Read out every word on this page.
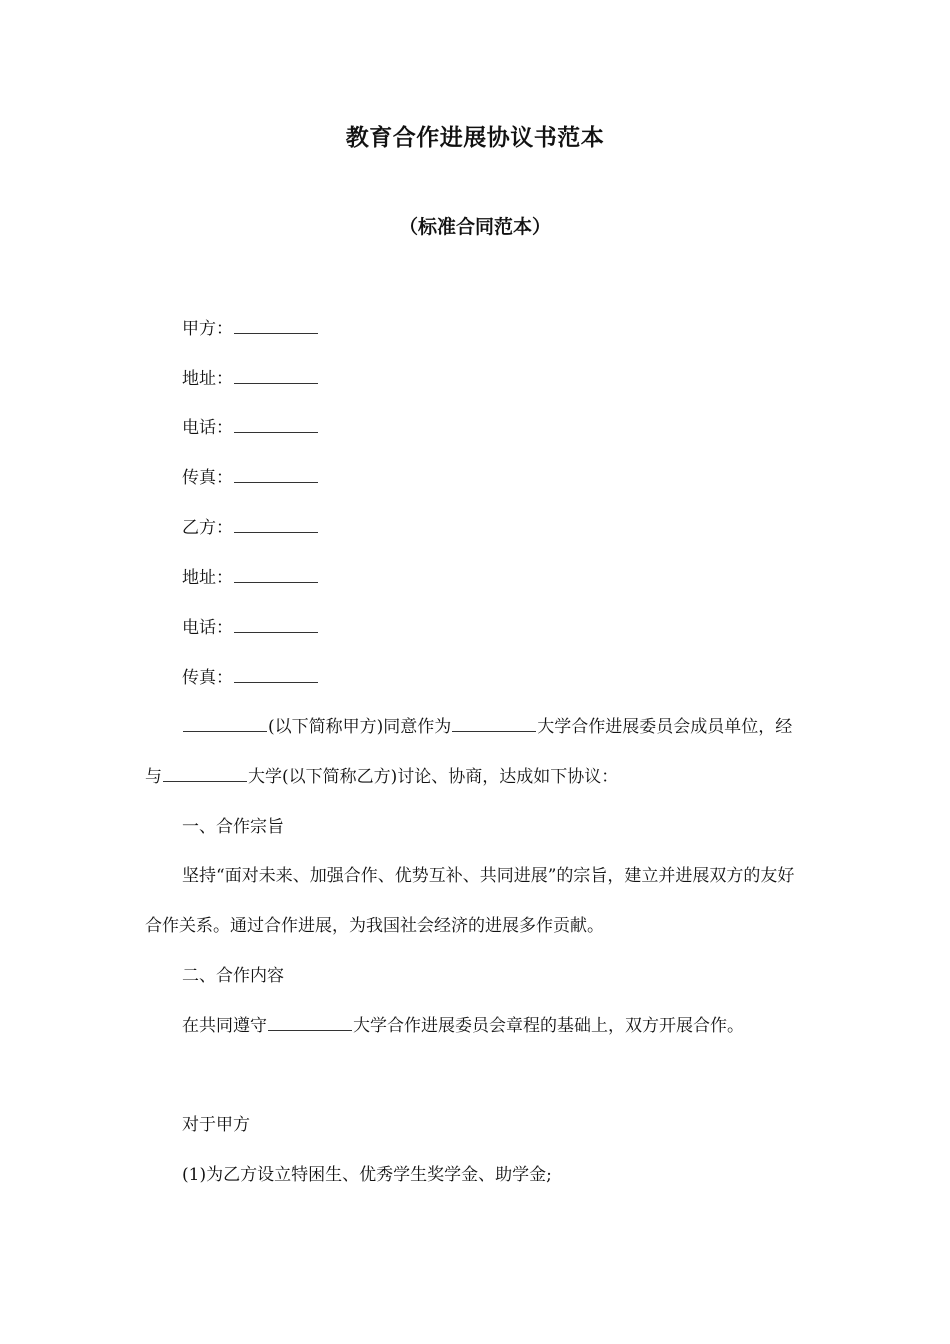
教育合作进展协议书范本
（标准合同范本）
甲方：
地址：
电话：
传真：
乙方：
地址：
电话：
传真：

(以下简称甲方)同意作为	大学合作进展委员会成员单位，经与	大学(以下简称乙方)讨论、协商，达成如下协议：

一、合作宗旨

坚持“面对未来、加强合作、优势互补、共同进展”的宗旨，建立并进展双方的友好合作关系。通过合作进展，为我国社会经济的进展多作贡献。

二、合作内容
在共同遵守	大学合作进展委员会章程的基础上，双方开展合作。
对于甲方
(1)为乙方设立特困生、优秀学生奖学金、助学金;
